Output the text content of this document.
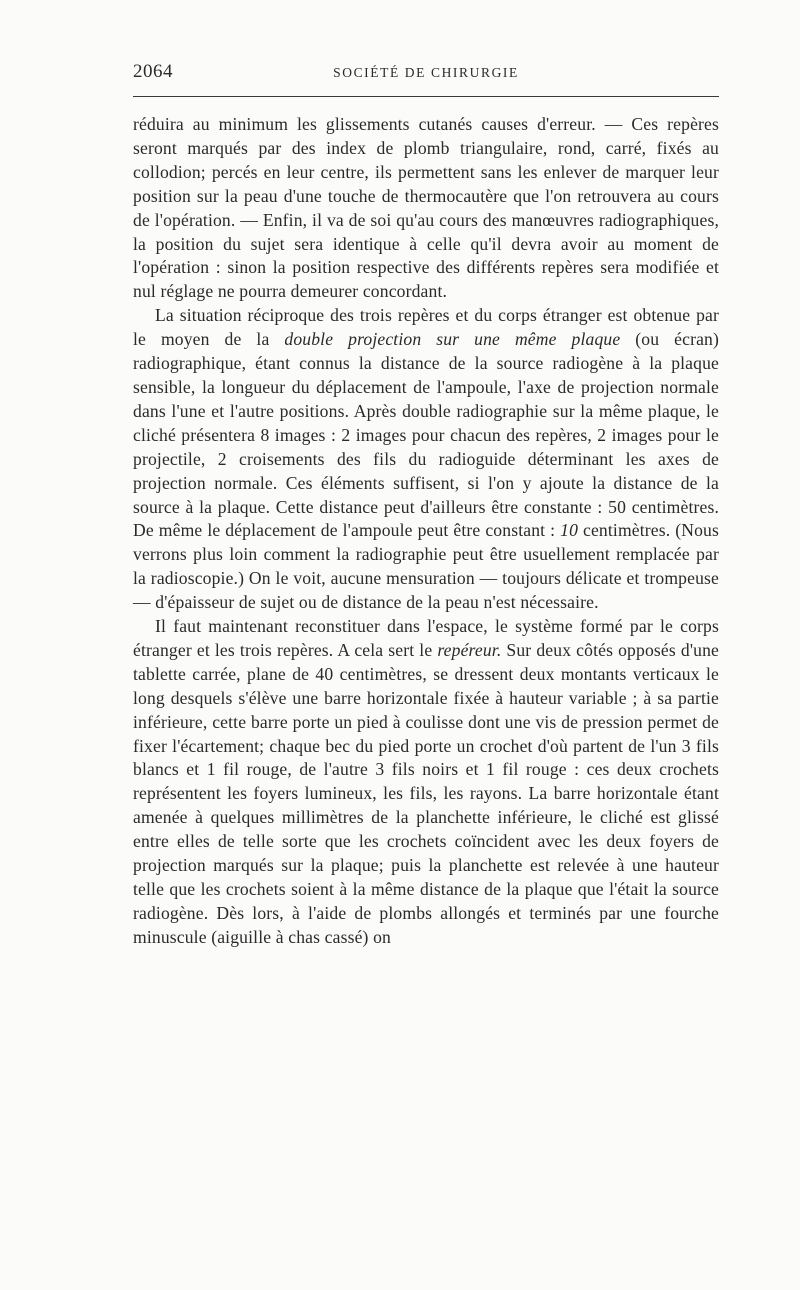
2064	SOCIÉTÉ DE CHIRURGIE

réduira au minimum les glissements cutanés causes d'erreur. — Ces repères seront marqués par des index de plomb triangulaire, rond, carré, fixés au collodion; percés en leur centre, ils permettent sans les enlever de marquer leur position sur la peau d'une touche de thermocautère que l'on retrouvera au cours de l'opération. — Enfin, il va de soi qu'au cours des manœuvres radiographiques, la position du sujet sera identique à celle qu'il devra avoir au moment de l'opération : sinon la position respective des différents repères sera modifiée et nul réglage ne pourra demeurer concordant.

La situation réciproque des trois repères et du corps étranger est obtenue par le moyen de la double projection sur une même plaque (ou écran) radiographique, étant connus la distance de la source radiogène à la plaque sensible, la longueur du déplacement de l'ampoule, l'axe de projection normale dans l'une et l'autre positions. Après double radiographie sur la même plaque, le cliché présentera 8 images : 2 images pour chacun des repères, 2 images pour le projectile, 2 croisements des fils du radioguide déterminant les axes de projection normale. Ces éléments suffisent, si l'on y ajoute la distance de la source à la plaque. Cette distance peut d'ailleurs être constante : 50 centimètres. De même le déplacement de l'ampoule peut être constant : 10 centimètres. (Nous verrons plus loin comment la radiographie peut être usuellement remplacée par la radioscopie.) On le voit, aucune mensuration — toujours délicate et trompeuse — d'épaisseur de sujet ou de distance de la peau n'est nécessaire.

Il faut maintenant reconstituer dans l'espace, le système formé par le corps étranger et les trois repères. A cela sert le repéreur. Sur deux côtés opposés d'une tablette carrée, plane de 40 centimètres, se dressent deux montants verticaux le long desquels s'élève une barre horizontale fixée à hauteur variable ; à sa partie inférieure, cette barre porte un pied à coulisse dont une vis de pression permet de fixer l'écartement; chaque bec du pied porte un crochet d'où partent de l'un 3 fils blancs et 1 fil rouge, de l'autre 3 fils noirs et 1 fil rouge : ces deux crochets représentent les foyers lumineux, les fils, les rayons. La barre horizontale étant amenée à quelques millimètres de la planchette inférieure, le cliché est glissé entre elles de telle sorte que les crochets coïncident avec les deux foyers de projection marqués sur la plaque; puis la planchette est relevée à une hauteur telle que les crochets soient à la même distance de la plaque que l'était la source radiogène. Dès lors, à l'aide de plombs allongés et terminés par une fourche minuscule (aiguille à chas cassé) on
